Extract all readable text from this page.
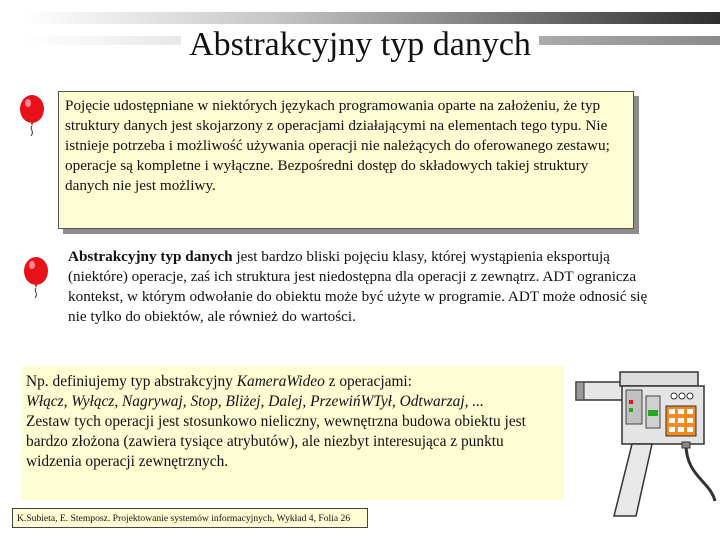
Abstrakcyjny typ danych

Pojęcie udostępniane w niektórych językach programowania oparte na założeniu, że typ struktury danych jest skojarzony z operacjami działającymi na elementach tego typu. Nie istnieje potrzeba i możliwość używania operacji nie należących do oferowanego zestawu; operacje są kompletne i wyłączne. Bezpośredni dostęp do składowych takiej struktury danych nie jest możliwy.

Abstrakcyjny typ danych jest bardzo bliski pojęciu klasy, której wystąpienia eksportują (niektóre) operacje, zaś ich struktura jest niedostępna dla operacji z zewnątrz. ADT ogranicza kontekst, w którym odwołanie do obiektu może być użyte w programie. ADT może odnosić się nie tylko do obiektów, ale również do wartości.

Np. definiujemy typ abstrakcyjny KameraWideo z operacjami:
Włącz, Wyłącz, Nagrywaj, Stop, Bliżej, Dalej, PrzewińWTył, Odtwarzaj, ...
Zestaw tych operacji jest stosunkowo nieliczny, wewnętrzna budowa obiektu jest bardzo złożona (zawiera tysiące atrybutów), ale niezbyt interesująca z punktu widzenia operacji zewnętrznych.

K.Subieta, E. Stemposz. Projektowanie systemów informacyjnych, Wykład 4, Folia 26
